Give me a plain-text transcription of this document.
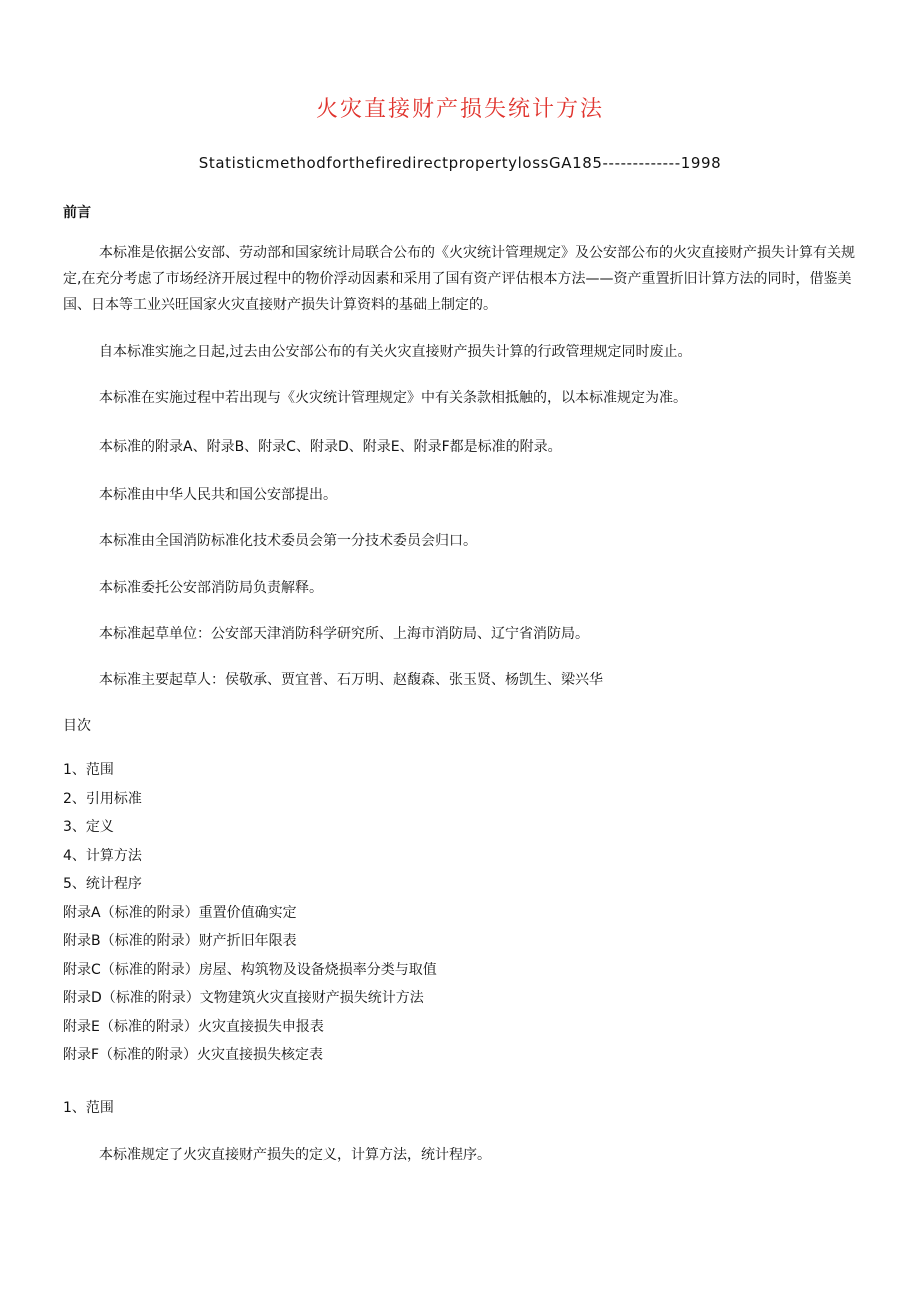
火灾直接财产损失统计方法
StatisticmethodforthefiredirectpropertylossGA185-------------1998
前言
本标准是依据公安部、劳动部和国家统计局联合公布的《火灾统计管理规定》及公安部公布的火灾直接财产损失计算有关规定,在充分考虑了市场经济开展过程中的物价浮动因素和采用了国有资产评估根本方法——资产重置折旧计算方法的同时，借鉴美国、日本等工业兴旺国家火灾直接财产损失计算资料的基础上制定的。
自本标准实施之日起,过去由公安部公布的有关火灾直接财产损失计算的行政管理规定同时废止。
本标准在实施过程中若出现与《火灾统计管理规定》中有关条款相抵触的，以本标准规定为准。
本标准的附录A、附录B、附录C、附录D、附录E、附录F都是标准的附录。
本标准由中华人民共和国公安部提出。
本标准由全国消防标准化技术委员会第一分技术委员会归口。
本标准委托公安部消防局负责解释。
本标准起草单位：公安部天津消防科学研究所、上海市消防局、辽宁省消防局。
本标准主要起草人：侯敬承、贾宜普、石万明、赵馥森、张玉贤、杨凯生、梁兴华
目次
1、范围
2、引用标准
3、定义
4、计算方法
5、统计程序
附录A（标准的附录）重置价值确实定
附录B（标准的附录）财产折旧年限表
附录C（标准的附录）房屋、构筑物及设备烧损率分类与取值
附录D（标准的附录）文物建筑火灾直接财产损失统计方法
附录E（标准的附录）火灾直接损失申报表
附录F（标准的附录）火灾直接损失核定表
1、范围
本标准规定了火灾直接财产损失的定义，计算方法，统计程序。
